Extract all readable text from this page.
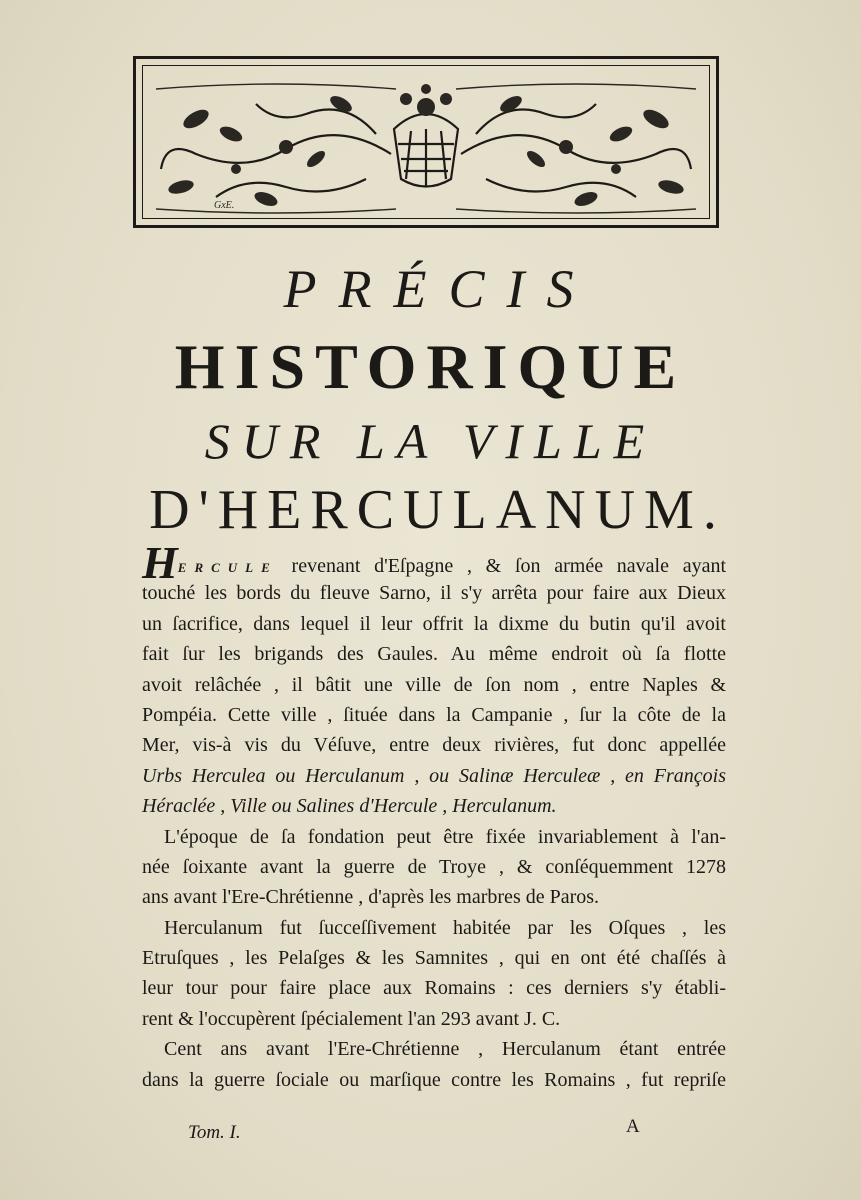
GxE.
PRÉCIS
HISTORIQUE
SUR LA VILLE
D'HERCULANUM.
HERCULE revenant d'Eſpagne , & ſon armée navale ayant
touché les bords du fleuve Sarno, il s'y arrêta pour faire aux Dieux
un ſacrifice, dans lequel il leur offrit la dixme du butin qu'il avoit
fait ſur les brigands des Gaules. Au même endroit où ſa flotte
avoit relâchée , il bâtit une ville de ſon nom , entre Naples &
Pompéia. Cette ville , ſituée dans la Campanie , ſur la côte de la
Mer, vis-à vis du Véſuve, entre deux rivières, fut donc appellée
Urbs Herculea ou Herculanum , ou Salinæ Herculeæ , en François
Héraclée , Ville ou Salines d'Hercule , Herculanum.
L'époque de ſa fondation peut être fixée invariablement à l'an-
née ſoixante avant la guerre de Troye , & conſéquemment 1278
ans avant l'Ere-Chrétienne , d'après les marbres de Paros.
Herculanum fut ſucceſſivement habitée par les Oſques , les
Etruſques , les Pelaſges & les Samnites , qui en ont été chaſſés à
leur tour pour faire place aux Romains : ces derniers s'y établi-
rent & l'occupèrent ſpécialement l'an 293 avant J. C.
Cent ans avant l'Ere-Chrétienne , Herculanum étant entrée
dans la guerre ſociale ou marſique contre les Romains , fut repriſe
Tom. I.	A
